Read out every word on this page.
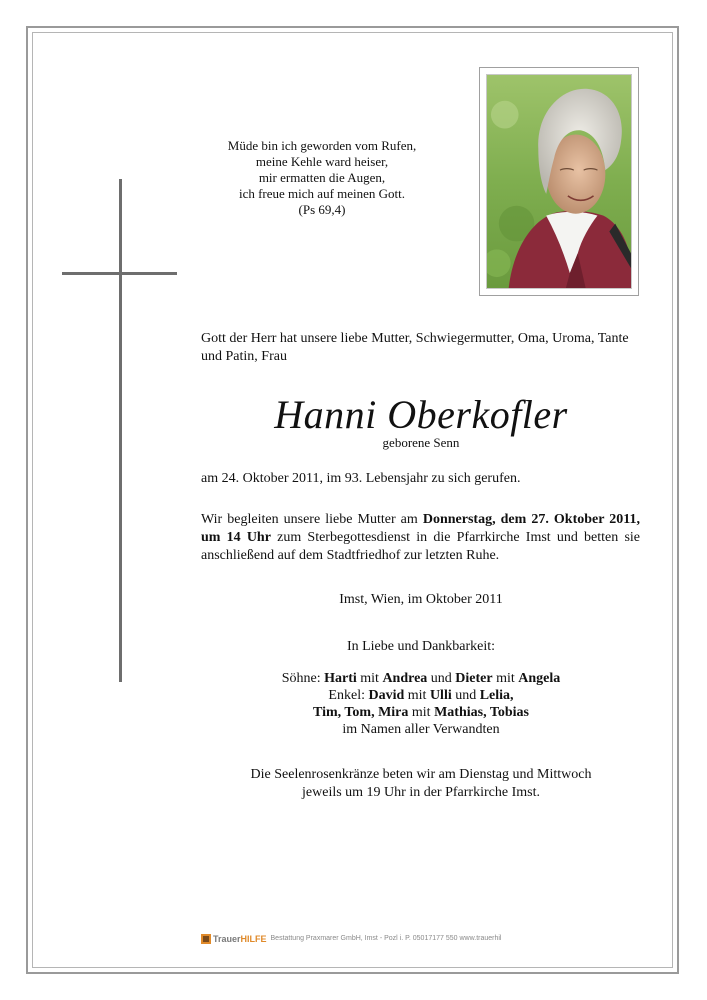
Müde bin ich geworden vom Rufen,
meine Kehle ward heiser,
mir ermatten die Augen,
ich freue mich auf meinen Gott.
(Ps 69,4)
Gott der Herr hat unsere liebe Mutter, Schwiegermutter, Oma, Uroma, Tante und Patin, Frau
Hanni Oberkofler
geborene Senn
am 24. Oktober 2011, im 93. Lebensjahr zu sich gerufen.
Wir begleiten unsere liebe Mutter am Donnerstag, dem 27. Oktober 2011, um 14 Uhr zum Sterbegottesdienst in die Pfarrkirche Imst und betten sie anschließend auf dem Stadtfriedhof zur letzten Ruhe.
Imst, Wien, im Oktober 2011
In Liebe und Dankbarkeit:
Söhne: Harti mit Andrea und Dieter mit Angela
Enkel: David mit Ulli und Lelia,
Tim, Tom, Mira mit Mathias, Tobias
im Namen aller Verwandten
Die Seelenrosenkränze beten wir am Dienstag und Mittwoch
jeweils um 19 Uhr in der Pfarrkirche Imst.
TrauerHILFE Bestattung Praxmarer GmbH, Imst - Pozl i. P. 05017177 550 www.trauerhil
